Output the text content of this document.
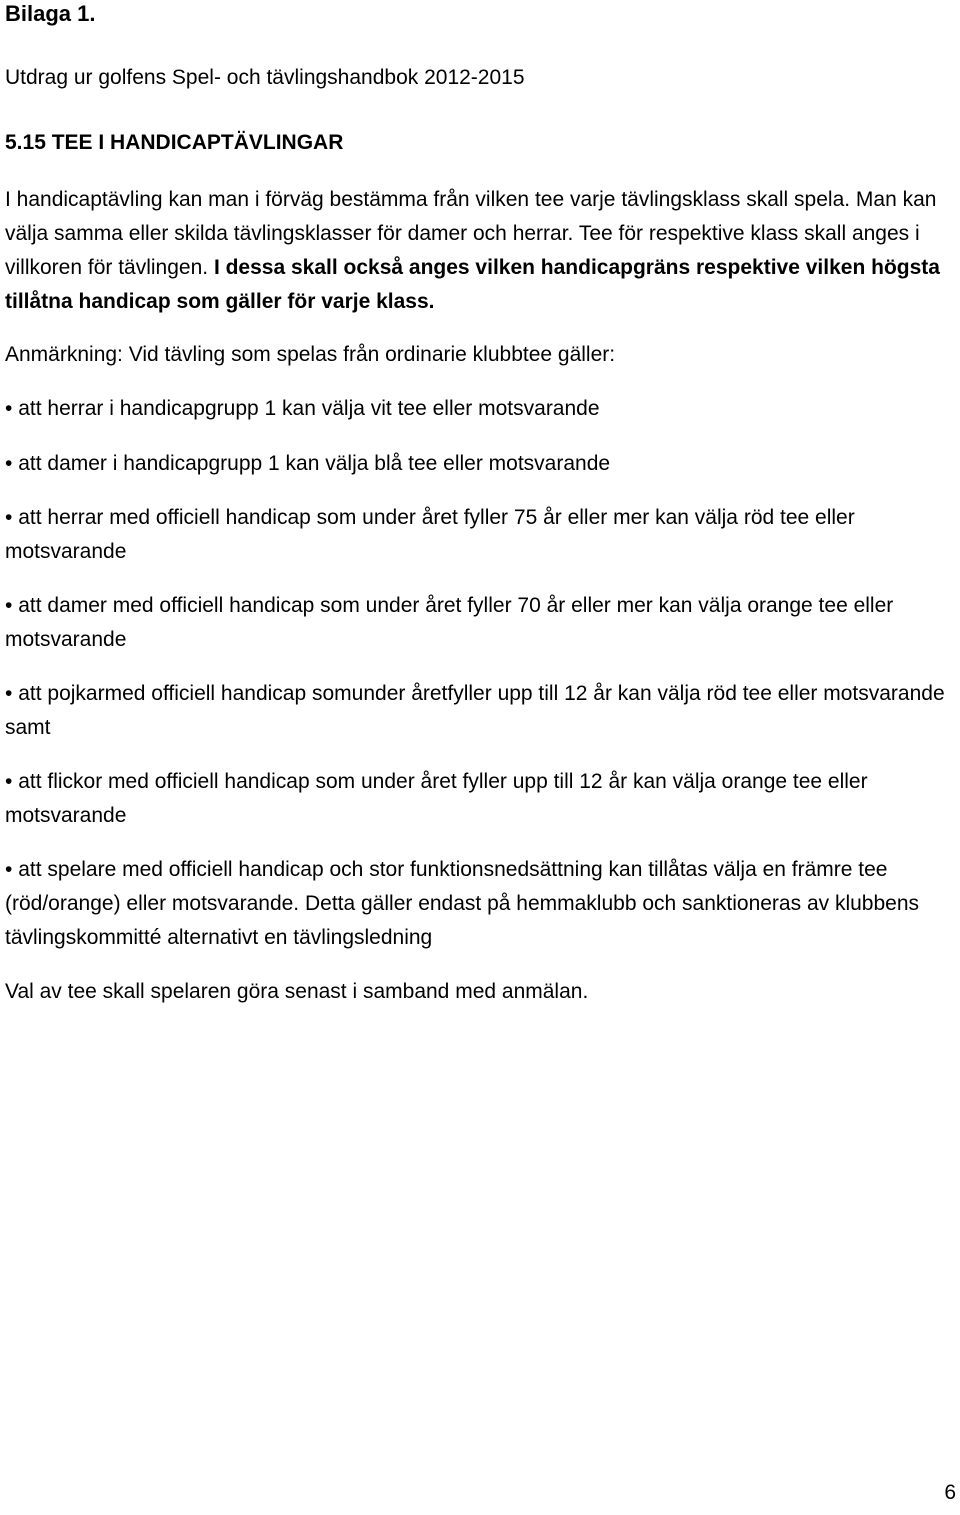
Bilaga 1.
Utdrag ur golfens Spel- och tävlingshandbok 2012-2015
5.15 TEE I HANDICAPTÄVLINGAR

I handicaptävling kan man i förväg bestämma från vilken tee varje tävlingsklass skall spela. Man kan välja samma eller skilda tävlingsklasser för damer och herrar. Tee för respektive klass skall anges i villkoren för tävlingen. I dessa skall också anges vilken handicapgräns respektive vilken högsta tillåtna handicap som gäller för varje klass.

Anmärkning: Vid tävling som spelas från ordinarie klubbtee gäller:
• att herrar i handicapgrupp 1 kan välja vit tee eller motsvarande
• att damer i handicapgrupp 1 kan välja blå tee eller motsvarande
• att herrar med officiell handicap som under året fyller 75 år eller mer kan välja röd tee eller motsvarande
• att damer med officiell handicap som under året fyller 70 år eller mer kan välja orange tee eller motsvarande
• att pojkarmed officiell handicap somunder åretfyller upp till 12 år kan välja röd tee eller motsvarande samt
• att flickor med officiell handicap som under året fyller upp till 12 år kan välja orange tee eller motsvarande
• att spelare med officiell handicap och stor funktionsnedsättning kan tillåtas välja en främre tee (röd/orange) eller motsvarande. Detta gäller endast på hemmaklubb och sanktioneras av klubbens tävlingskommitté alternativt en tävlingsledning
Val av tee skall spelaren göra senast i samband med anmälan.
6
